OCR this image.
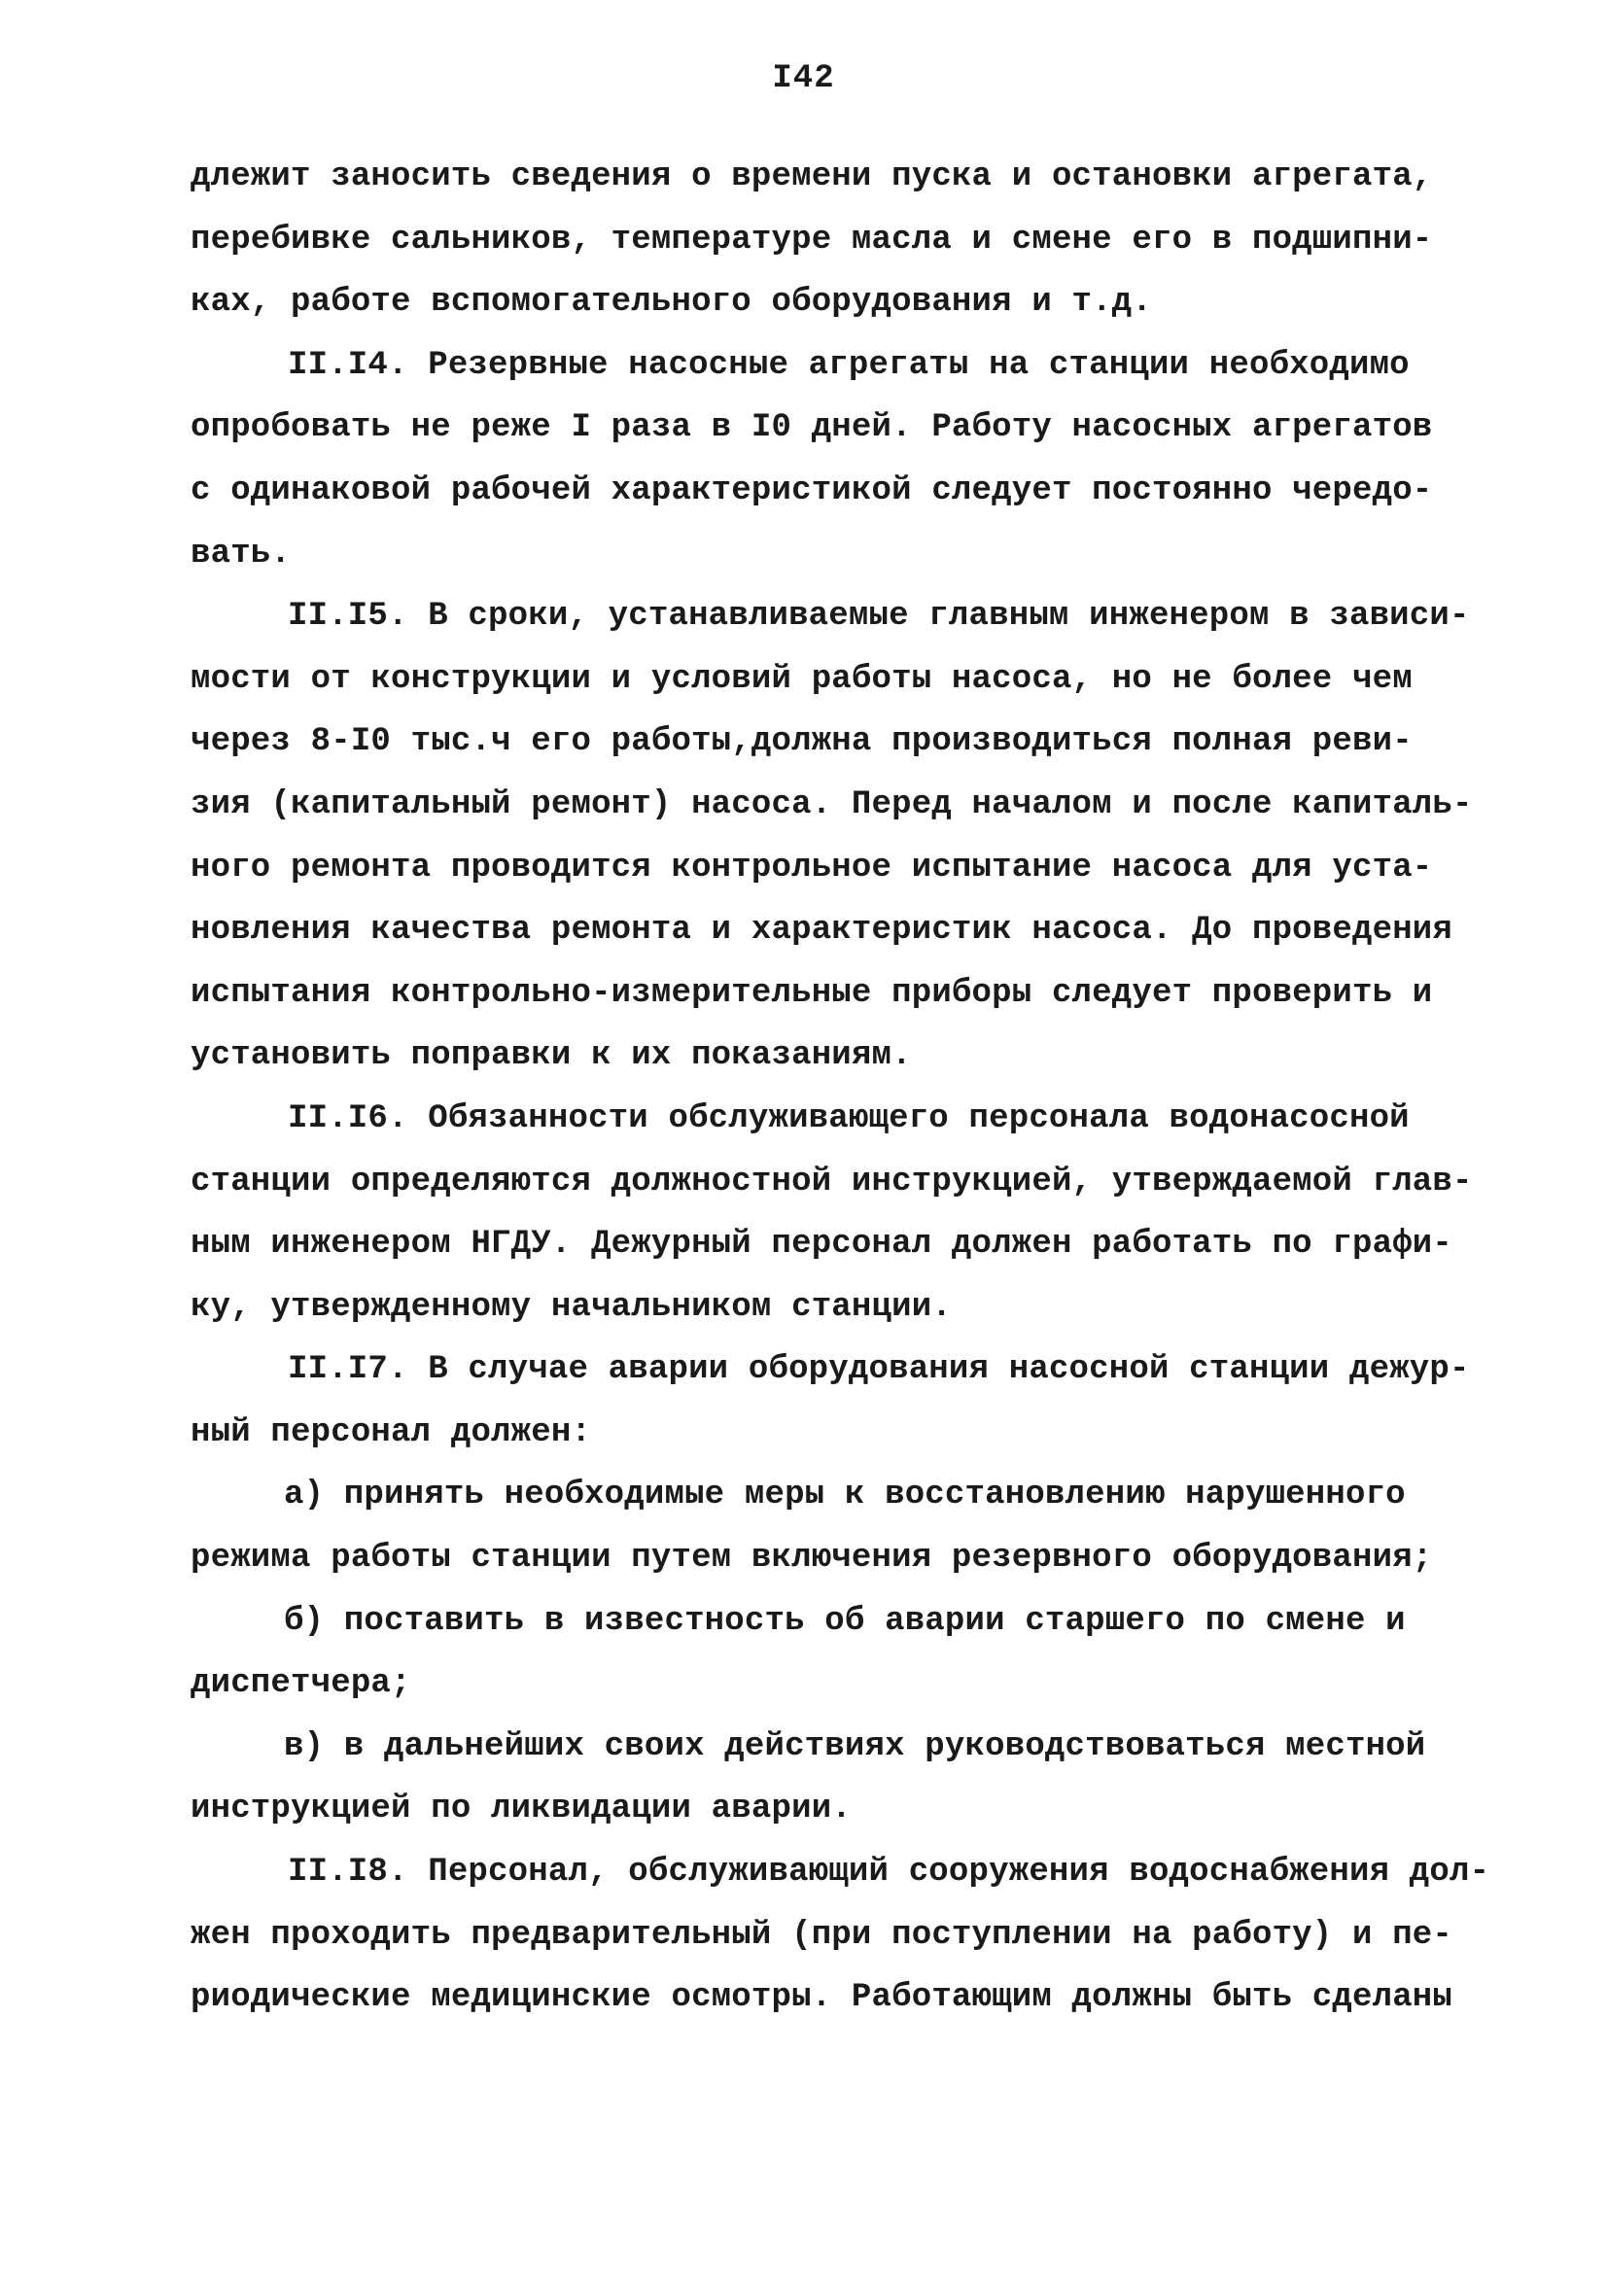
I42
длежит заносить сведения о времени пуска и остановки агрегата,
перебивке сальников, температуре масла и смене его в подшипни-
ках, работе вспомогательного оборудования и т.д.
II.I4. Резервные насосные агрегаты на станции необходимо
опробовать не реже I раза в I0 дней. Работу насосных агрегатов
с одинаковой рабочей характеристикой следует постоянно чередо-
вать.
II.I5. В сроки, устанавливаемые главным инженером в зависи-
мости от конструкции и условий работы насоса, но не более чем
через 8-I0 тыс.ч его работы,должна производиться полная реви-
зия (капитальный ремонт) насоса. Перед началом и после капиталь-
ного ремонта проводится контрольное испытание насоса для уста-
новления качества ремонта и характеристик насоса. До проведения
испытания контрольно-измерительные приборы следует проверить и
установить поправки к их показаниям.
II.I6. Обязанности обслуживающего персонала водонасосной
станции определяются должностной инструкцией, утверждаемой глав-
ным инженером НГДУ. Дежурный персонал должен работать по графи-
ку, утвержденному начальником станции.
II.I7. В случае аварии оборудования насосной станции дежур-
ный персонал должен:
а) принять необходимые меры к восстановлению нарушенного
режима работы станции путем включения резервного оборудования;
б) поставить в известность об аварии старшего по смене и
диспетчера;
в) в дальнейших своих действиях руководствоваться местной
инструкцией по ликвидации аварии.
II.I8. Персонал, обслуживающий сооружения водоснабжения дол-
жен проходить предварительный (при поступлении на работу) и пе-
риодические медицинские осмотры. Работающим должны быть сделаны
